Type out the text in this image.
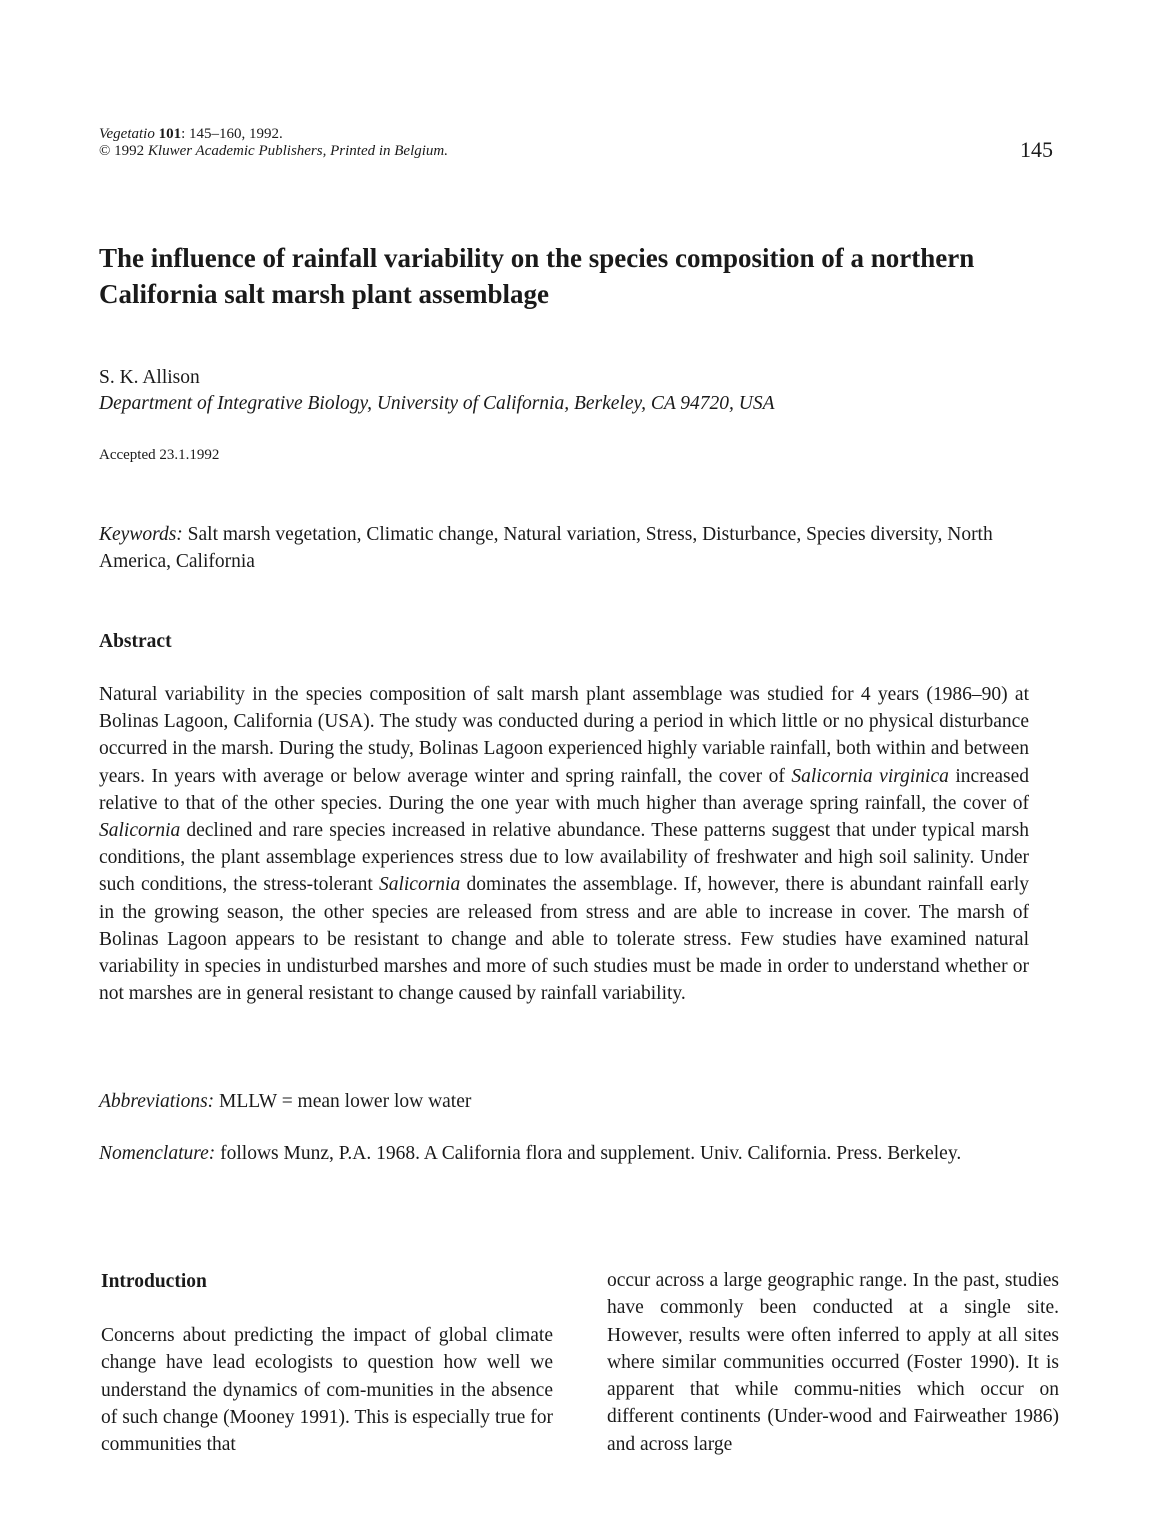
Vegetatio 101: 145–160, 1992.
© 1992 Kluwer Academic Publishers, Printed in Belgium.	145
The influence of rainfall variability on the species composition of a northern California salt marsh plant assemblage
S. K. Allison
Department of Integrative Biology, University of California, Berkeley, CA 94720, USA
Accepted 23.1.1992
Keywords: Salt marsh vegetation, Climatic change, Natural variation, Stress, Disturbance, Species diversity, North America, California
Abstract
Natural variability in the species composition of salt marsh plant assemblage was studied for 4 years (1986–90) at Bolinas Lagoon, California (USA). The study was conducted during a period in which little or no physical disturbance occurred in the marsh. During the study, Bolinas Lagoon experienced highly variable rainfall, both within and between years. In years with average or below average winter and spring rainfall, the cover of Salicornia virginica increased relative to that of the other species. During the one year with much higher than average spring rainfall, the cover of Salicornia declined and rare species increased in relative abundance. These patterns suggest that under typical marsh conditions, the plant assemblage experiences stress due to low availability of freshwater and high soil salinity. Under such conditions, the stress-tolerant Salicornia dominates the assemblage. If, however, there is abundant rainfall early in the growing season, the other species are released from stress and are able to increase in cover. The marsh of Bolinas Lagoon appears to be resistant to change and able to tolerate stress. Few studies have examined natural variability in species in undisturbed marshes and more of such studies must be made in order to understand whether or not marshes are in general resistant to change caused by rainfall variability.
Abbreviations: MLLW = mean lower low water
Nomenclature: follows Munz, P.A. 1968. A California flora and supplement. Univ. California. Press. Berkeley.
Introduction
Concerns about predicting the impact of global climate change have lead ecologists to question how well we understand the dynamics of com-munities in the absence of such change (Mooney 1991). This is especially true for communities that
occur across a large geographic range. In the past, studies have commonly been conducted at a single site. However, results were often inferred to apply at all sites where similar communities occurred (Foster 1990). It is apparent that while commu-nities which occur on different continents (Under-wood and Fairweather 1986) and across large
